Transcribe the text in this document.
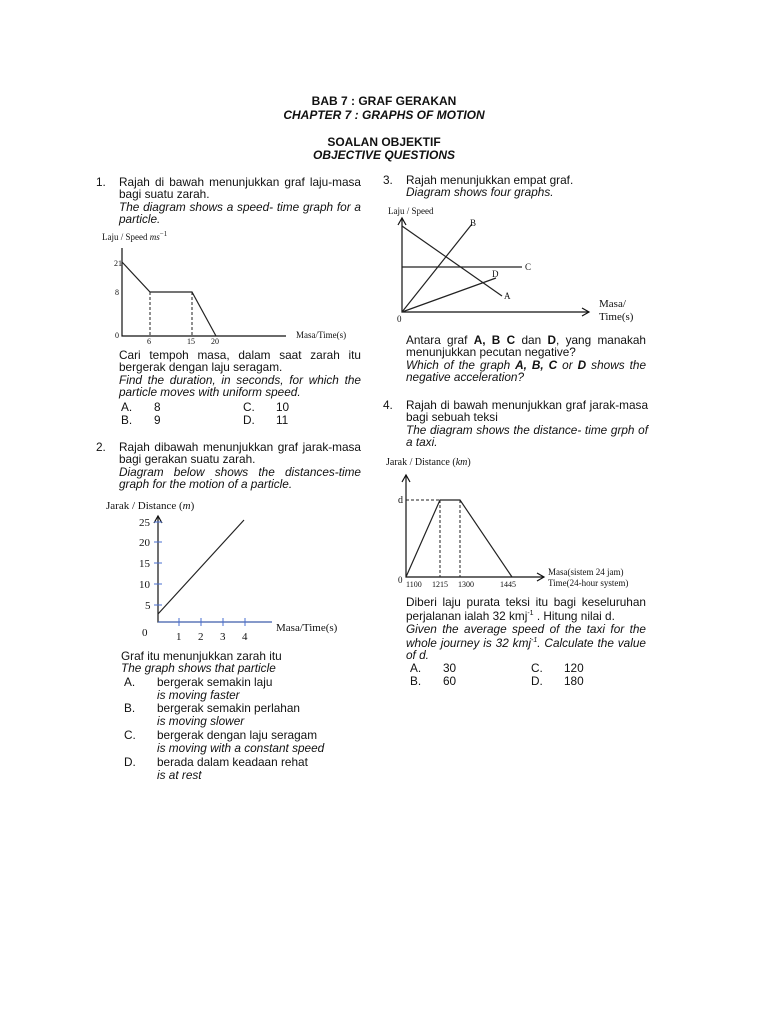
BAB 7 : GRAF GERAKAN
CHAPTER 7 : GRAPHS OF MOTION
SOALAN OBJEKTIF
OBJECTIVE QUESTIONS
1. Rajah di bawah menunjukkan graf laju-masa bagi suatu zarah.
The diagram shows a speed- time graph for a particle.
Laju / Speed $ms^{-1}$
21
8
0
6	15 20
Masa/Time(s)
Cari tempoh masa, dalam saat zarah itu bergerak dengan laju seragam.
Find the duration, in seconds, for which the particle moves with uniform speed.
A. 8
B. 9
C. 10
D. 11
2. Rajah dibawah menunjukkan graf jarak-masa bagi gerakan suatu zarah.
Diagram below shows the distances-time graph for the motion of a particle.
Jarak / Distance (m)
5
10
15
20
25
0	1 2 3 4
Masa/Time(s)
Graf itu menunjukkan zarah itu
The graph shows that particle
A. bergerak semakin laju
is moving faster
B. bergerak semakin perlahan
is moving slower
C. bergerak dengan laju seragam
is moving with a constant speed
D. berada dalam keadaan rehat
is at rest
3. Rajah menunjukkan empat graf.
Diagram shows four graphs.
Laju / Speed
A
B
C
D
0
Masa/
Time(s)
Antara graf A, B C dan D, yang manakah menunjukkan pecutan negative?
Which of the graph A, B, C or D shows the negative acceleration?
4. Rajah di bawah menunjukkan graf jarak-masa bagi sebuah teksi
The diagram shows the distance- time grph of a taxi.
Jarak / Distance (km)
d
0 1100 1215 1300	1445
Masa(sistem 24 jam)
Time(24-hour system)
Diberi laju purata teksi itu bagi keseluruhan perjalanan ialah 32 kmj$^{-1}$ . Hitung nilai d.
Given the average speed of the taxi for the whole journey is 32 kmj$^{-1}$. Calculate the value of d.
A. 30
B. 60
C. 120
D. 180
